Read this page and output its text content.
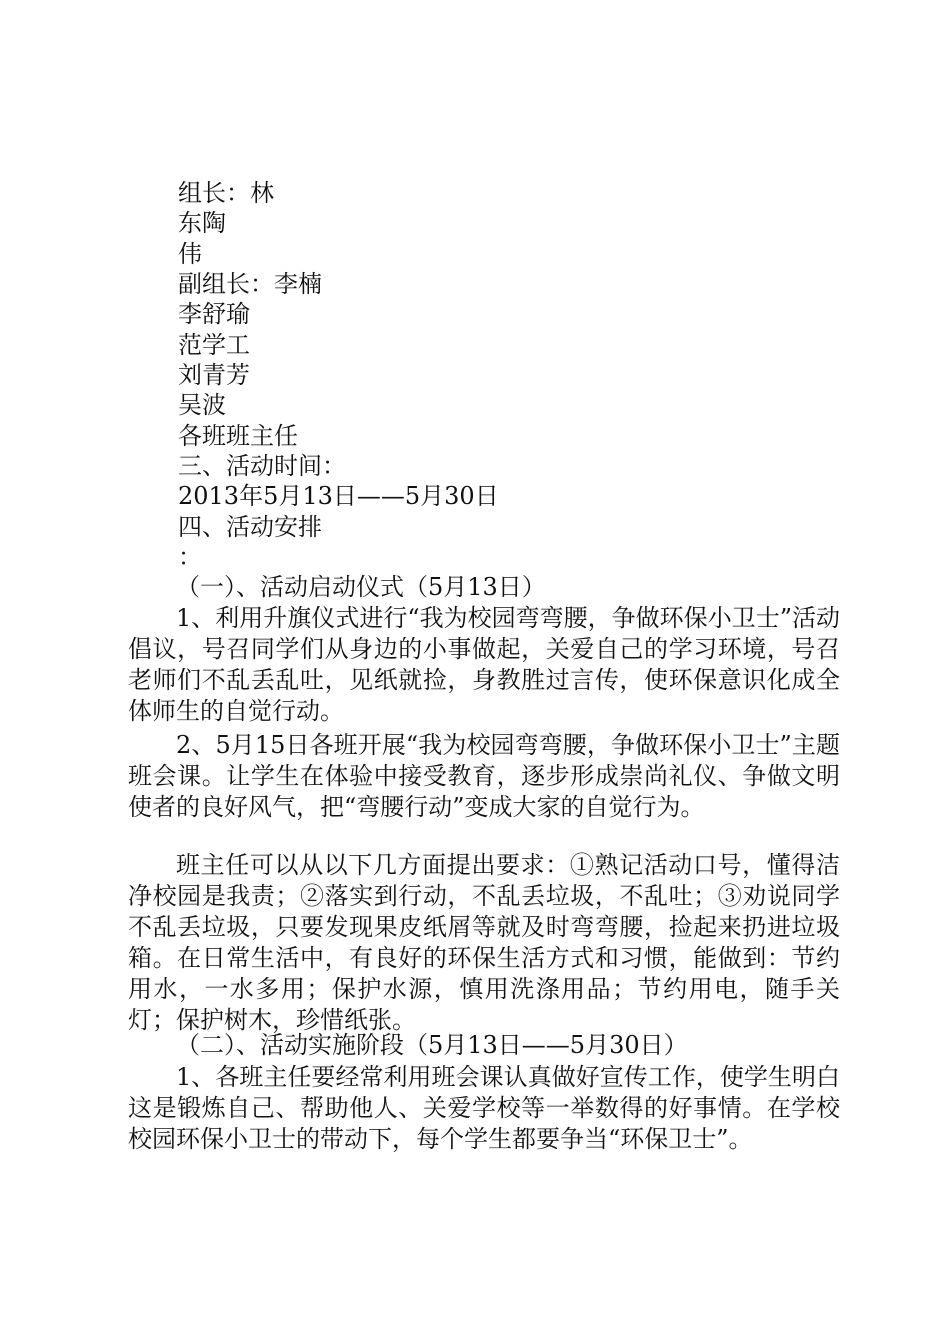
组长：林
东陶
伟
副组长：李楠
李舒瑜
范学工
刘青芳
吴波
各班班主任
三、活动时间：
2013年5月13日——5月30日
四、活动安排
：
（一）、活动启动仪式（5月13日）
1、利用升旗仪式进行“我为校园弯弯腰，争做环保小卫士”活动倡议，号召同学们从身边的小事做起，关爱自己的学习环境，号召老师们不乱丢乱吐，见纸就捡，身教胜过言传，使环保意识化成全体师生的自觉行动。
2、5月15日各班开展“我为校园弯弯腰，争做环保小卫士”主题班会课。让学生在体验中接受教育，逐步形成崇尚礼仪、争做文明使者的良好风气，把“弯腰行动”变成大家的自觉行为。
班主任可以从以下几方面提出要求：①熟记活动口号，懂得洁净校园是我责；②落实到行动，不乱丢垃圾，不乱吐；③劝说同学不乱丢垃圾，只要发现果皮纸屑等就及时弯弯腰，捡起来扔进垃圾箱。在日常生活中，有良好的环保生活方式和习惯，能做到：节约用水，一水多用；保护水源，慎用洗涤用品；节约用电，随手关灯；保护树木，珍惜纸张。
（二）、活动实施阶段（5月13日——5月30日）
1、各班主任要经常利用班会课认真做好宣传工作，使学生明白这是锻炼自己、帮助他人、关爱学校等一举数得的好事情。在学校校园环保小卫士的带动下，每个学生都要争当“环保卫士”。
